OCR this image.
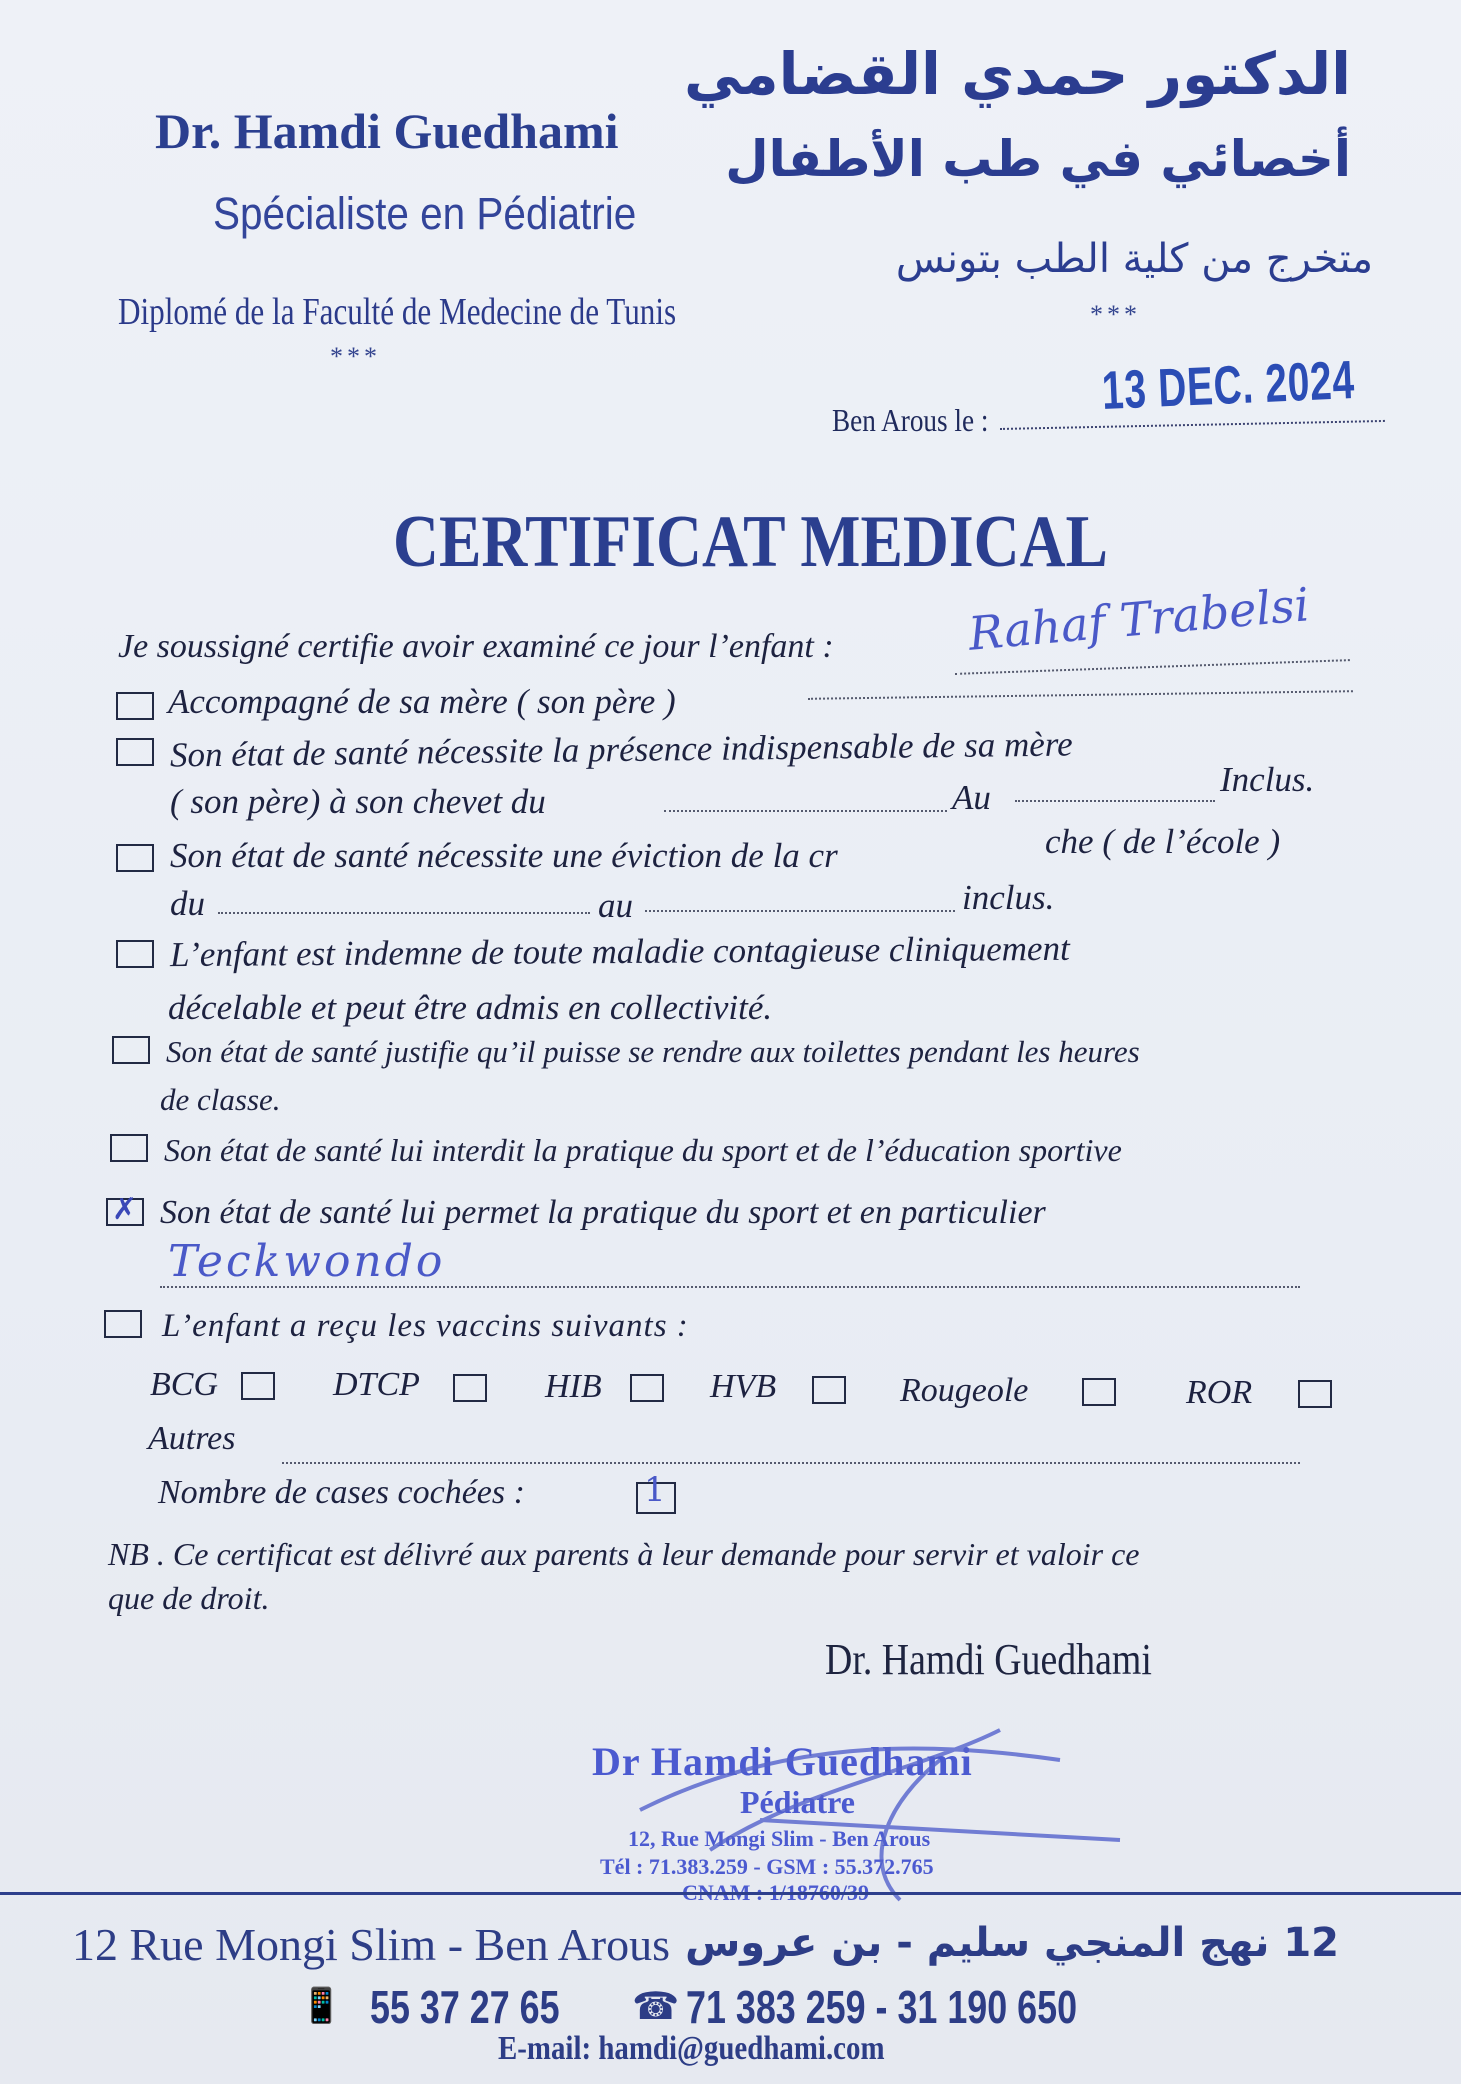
Dr. Hamdi Guedhami
Spécialiste en Pédiatrie
Diplomé de la Faculté de Medecine de Tunis
***
الدكتور حمدي القضامي
أخصائي في طب الأطفال
متخرج من كلية الطب بتونس
***
Ben Arous le : 13 DEC. 2024
CERTIFICAT MEDICAL
Je soussigné certifie avoir examiné ce jour l’enfant :	Rahaf Trabelsi
Accompagné de sa mère ( son père )
Son état de santé nécessite la présence indispensable de sa mère
( son père) à son chevet du	Au	Inclus.
Son état de santé nécessite une éviction de la cr	che ( de l’école )
du	au	inclus.
L’enfant est indemne de toute maladie contagieuse cliniquement
décelable et peut être admis en collectivité.
Son état de santé justifie qu’il puisse se rendre aux toilettes pendant les heures
de classe.
Son état de santé lui interdit la pratique du sport et de l’éducation sportive
✗ Son état de santé lui permet la pratique du sport et en particulier
Teckwondo
L’enfant a reçu les vaccins suivants :
BCG	DTCP	HIB	HVB	Rougeole	ROR
Autres
Nombre de cases cochées :	1
NB . Ce certificat est délivré aux parents à leur demande pour servir et valoir ce
que de droit.
Dr. Hamdi Guedhami
Dr Hamdi Guedhami
Pédiatre
12, Rue Mongi Slim - Ben Arous
Tél : 71.383.259 - GSM : 55.372.765
CNAM : 1/18760/39
12 Rue Mongi Slim - Ben Arous 12 نهج المنجي سليم - بن عروس
📱 55 37 27 65 ☎ 71 383 259 - 31 190 650
E-mail: hamdi@guedhami.com
